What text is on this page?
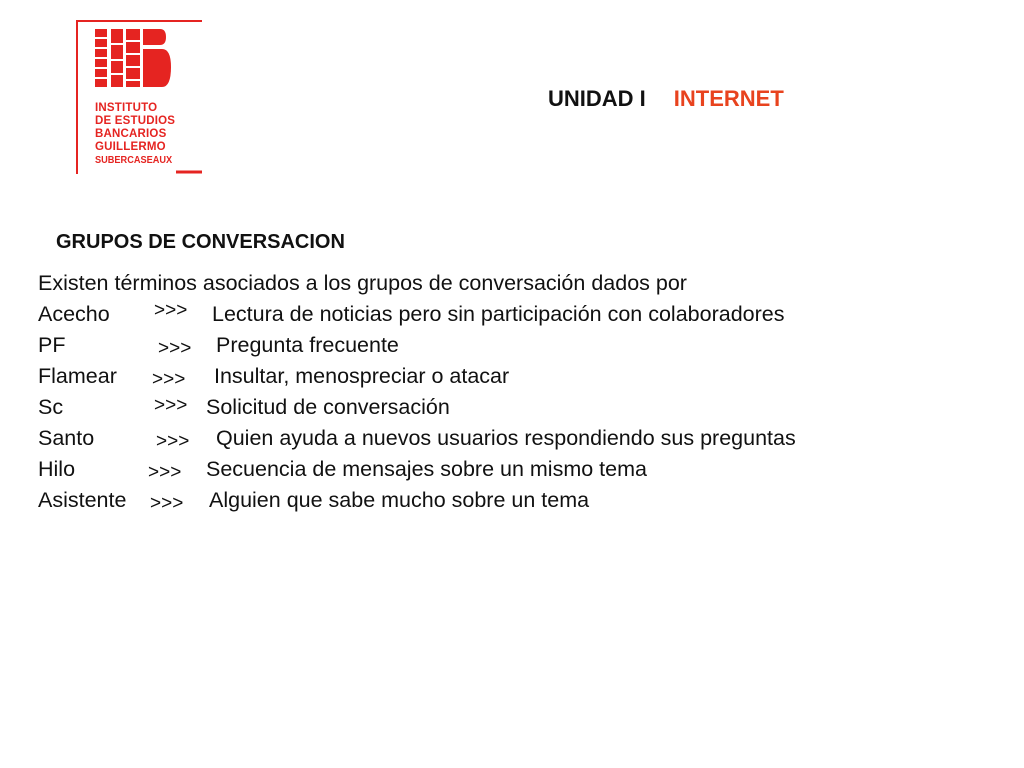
INSTITUTO
DE ESTUDIOS
BANCARIOS
GUILLERMO
SUBERCASEAUX
UNIDAD I INTERNET
GRUPOS DE CONVERSACION
Existen términos asociados a los grupos de conversación dados por
Acecho >>> Lectura de noticias pero sin participación con colaboradores
PF	>>> Pregunta frecuente
Flamear >>> Insultar, menospreciar o atacar
Sc	>>> Solicitud de conversación
Santo	>>> Quien ayuda a nuevos usuarios respondiendo sus preguntas
Hilo	>>> Secuencia de mensajes sobre un mismo tema
Asistente >>> Alguien que sabe mucho sobre un tema
